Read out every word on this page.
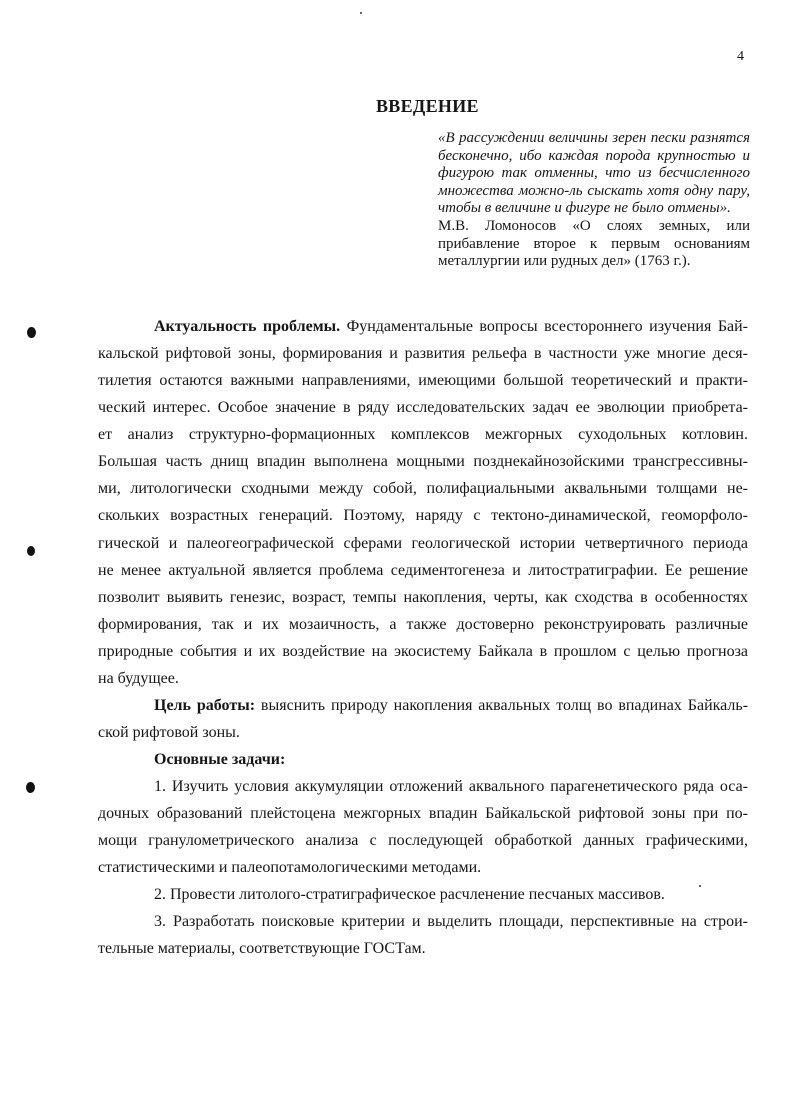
4
ВВЕДЕНИЕ
«В рассуждении величины зерен пески разнятся бесконечно, ибо каждая порода крупностью и фигурою так отменны, что из бесчисленного множества можно-ль сыскать хотя одну пару, чтобы в величине и фигуре не было отмены».
М.В. Ломоносов «О слоях земных, или прибавление второе к первым основаниям металлургии или рудных дел» (1763 г.).
Актуальность проблемы. Фундаментальные вопросы всестороннего изучения Бай-
кальской рифтовой зоны, формирования и развития рельефа в частности уже многие деся-
тилетия остаются важными направлениями, имеющими большой теоретический и практи-
ческий интерес. Особое значение в ряду исследовательских задач ее эволюции приобрета-
ет анализ структурно-формационных комплексов межгорных суходольных котловин.
Большая часть днищ впадин выполнена мощными позднекайнозойскими трансгрессивны-
ми, литологически сходными между собой, полифациальными аквальными толщами не-
скольких возрастных генераций. Поэтому, наряду с тектоно-динамической, геоморфоло-
гической и палеогеографической сферами геологической истории четвертичного периода
не менее актуальной является проблема седиментогенеза и литостратиграфии. Ее решение
позволит выявить генезис, возраст, темпы накопления, черты, как сходства в особенностях
формирования, так и их мозаичность, а также достоверно реконструировать различные
природные события и их воздействие на экосистему Байкала в прошлом с целью прогноза
на будущее.
Цель работы: выяснить природу накопления аквальных толщ во впадинах Байкаль-
ской рифтовой зоны.
Основные задачи:
1. Изучить условия аккумуляции отложений аквального парагенетического ряда оса-
дочных образований плейстоцена межгорных впадин Байкальской рифтовой зоны при по-
мощи гранулометрического анализа с последующей обработкой данных графическими,
статистическими и палеопотамологическими методами.
2. Провести литолого-стратиграфическое расчленение песчаных массивов.
3. Разработать поисковые критерии и выделить площади, перспективные на строи-
тельные материалы, соответствующие ГОСТам.
